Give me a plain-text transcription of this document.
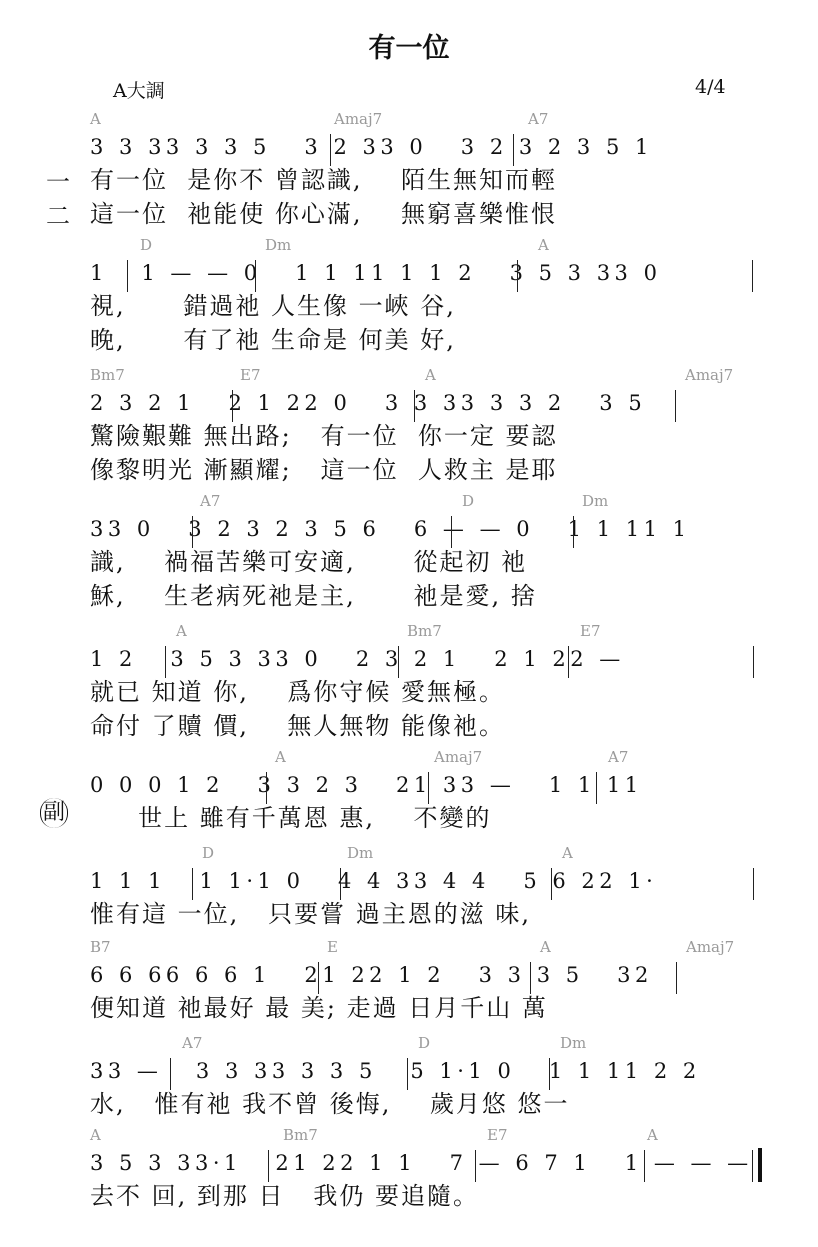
有一位
A大調	4/4
一
二
副
A	Amaj7	A7
3 3 33 3 3 5   3 2 33 0   3 2 3 2 3 5 1
有一位  是你不 曾認識,    陌生無知而輕
這一位  祂能使 你心滿,    無窮喜樂惟恨
D	Dm	A
1   1 — — 0   1 1 11 1 1 2   3 5 3 33 0
視,      錯過祂 人生像 一峽 谷,
晚,      有了祂 生命是 何美 好,
Bm7	E7	A	Amaj7
2 3 2 1   2 1 22 0   3 3 33 3 3 2   3 5
驚險艱難 無出路;   有一位  你一定 要認
像黎明光 漸顯耀;   這一位  人救主 是耶
A7	D	Dm
33 0   3 2 3 2 3 5 6   6 — — 0   1 1 11 1
識,    禍福苦樂可安適,      從起初 祂
穌,    生老病死祂是主,      祂是愛, 捨
A	Bm7	E7
1 2   3 5 3 33 0   2 3 2 1   2 1 22 —
就已 知道 你,    爲你守候 愛無極。
命付 了贖 價,    無人無物 能像祂。
A	Amaj7	A7
0 0 0 1 2   3 3 2 3   21 33 —   1 1 11
世上 雖有千萬恩 惠,    不變的
D	Dm	A
1 1 1   1 1·1 0   4 4 33 4 4   5 6 22 1·
惟有這 一位,   只要嘗 過主恩的滋 味,
B7	E	A	Amaj7
6 6 66 6 6 1   21 22 1 2   3 3 3 5   32
便知道 祂最好 最 美; 走過 日月千山 萬
A7	D	Dm
33 —   3 3 33 3 3 5   5 1·1 0   1 1 11 2 2
水,   惟有祂 我不曾 後悔,    歲月悠 悠一
A	Bm7	E7	A
3 5 3 33·1   21 22 1 1   7 — 6 7 1   1 — — —
去不 回, 到那 日   我仍 要追隨。
